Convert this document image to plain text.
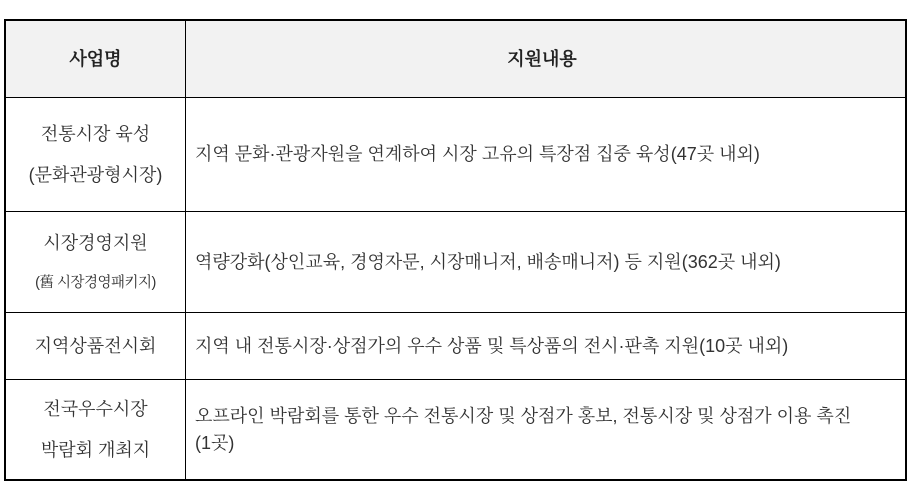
사업명	지원내용
전통시장 육성
(문화관광형시장)
지역 문화·관광자원을 연계하여 시장 고유의 특장점 집중 육성(47곳 내외)
시장경영지원
(舊 시장경영패키지)
역량강화(상인교육, 경영자문, 시장매니저, 배송매니저) 등 지원(362곳 내외)
지역상품전시회 지역 내 전통시장·상점가의 우수 상품 및 특상품의 전시·판촉 지원(10곳 내외)
전국우수시장
박람회 개최지
오프라인 박람회를 통한 우수 전통시장 및 상점가 홍보, 전통시장 및 상점가 이용 촉진(1곳)
